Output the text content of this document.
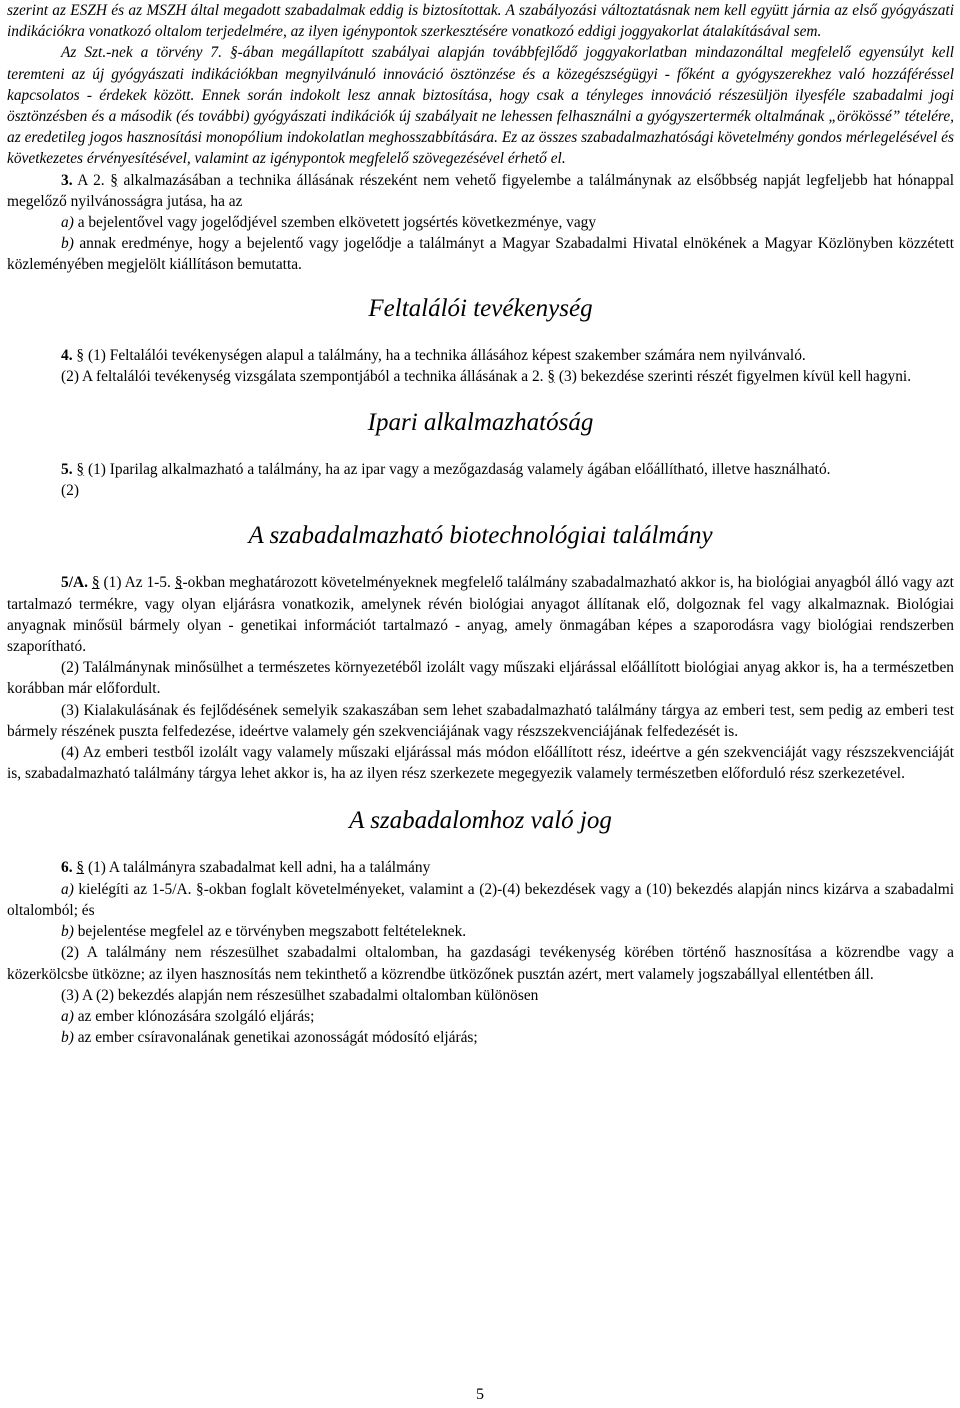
szerint az ESZH és az MSZH által megadott szabadalmak eddig is biztosítottak. A szabályozási változtatásnak nem kell együtt járnia az első gyógyászati indikációkra vonatkozó oltalom terjedelmére, az ilyen igénypontok szerkesztésére vonatkozó eddigi joggyakorlat átalakításával sem.

Az Szt.-nek a törvény 7. §-ában megállapított szabályai alapján továbbfejlődő joggyakorlatban mindazonáltal megfelelő egyensúlyt kell teremteni az új gyógyászati indikációkban megnyilvánuló innováció ösztönzése és a közegészségügyi - főként a gyógyszerekhez való hozzáféréssel kapcsolatos - érdekek között. Ennek során indokolt lesz annak biztosítása, hogy csak a tényleges innováció részesüljön ilyesféle szabadalmi jogi ösztönzésben és a második (és további) gyógyászati indikációk új szabályait ne lehessen felhasználni a gyógyszertermék oltalmának „örökössé” tételére, az eredetileg jogos hasznosítási monopólium indokolatlan meghosszabbítására. Ez az összes szabadalmazhatósági követelmény gondos mérlegelésével és következetes érvényesítésével, valamint az igénypontok megfelelő szövegezésével érhető el.

3. A 2. § alkalmazásában a technika állásának részeként nem vehető figyelembe a találmánynak az elsőbbség napját legfeljebb hat hónappal megelőző nyilvánosságra jutása, ha az

a) a bejelentővel vagy jogelődjével szemben elkövetett jogsértés következménye, vagy

b) annak eredménye, hogy a bejelentő vagy jogelődje a találmányt a Magyar Szabadalmi Hivatal elnökének a Magyar Közlönyben közzétett közleményében megjelölt kiállításon bemutatta.

Feltalálói tevékenység

4. § (1) Feltalálói tevékenységen alapul a találmány, ha a technika állásához képest szakember számára nem nyilvánvaló.

(2) A feltalálói tevékenység vizsgálata szempontjából a technika állásának a 2. § (3) bekezdése szerinti részét figyelmen kívül kell hagyni.

Ipari alkalmazhatóság

5. § (1) Iparilag alkalmazható a találmány, ha az ipar vagy a mezőgazdaság valamely ágában előállítható, illetve használható.

(2)

A szabadalmazható biotechnológiai találmány

5/A. § (1) Az 1-5. §-okban meghatározott követelményeknek megfelelő találmány szabadalmazható akkor is, ha biológiai anyagból álló vagy azt tartalmazó termékre, vagy olyan eljárásra vonatkozik, amelynek révén biológiai anyagot állítanak elő, dolgoznak fel vagy alkalmaznak. Biológiai anyagnak minősül bármely olyan - genetikai információt tartalmazó - anyag, amely önmagában képes a szaporodásra vagy biológiai rendszerben szaporítható.

(2) Találmánynak minősülhet a természetes környezetéből izolált vagy műszaki eljárással előállított biológiai anyag akkor is, ha a természetben korábban már előfordult.

(3) Kialakulásának és fejlődésének semelyik szakaszában sem lehet szabadalmazható találmány tárgya az emberi test, sem pedig az emberi test bármely részének puszta felfedezése, ideértve valamely gén szekvenciájának vagy részszekvenciájának felfedezését is.

(4) Az emberi testből izolált vagy valamely műszaki eljárással más módon előállított rész, ideértve a gén szekvenciáját vagy részszekvenciáját is, szabadalmazható találmány tárgya lehet akkor is, ha az ilyen rész szerkezete megegyezik valamely természetben előforduló rész szerkezetével.

A szabadalomhoz való jog

6. § (1) A találmányra szabadalmat kell adni, ha a találmány

a) kielégíti az 1-5/A. §-okban foglalt követelményeket, valamint a (2)-(4) bekezdések vagy a (10) bekezdés alapján nincs kizárva a szabadalmi oltalomból; és

b) bejelentése megfelel az e törvényben megszabott feltételeknek.

(2) A találmány nem részesülhet szabadalmi oltalomban, ha gazdasági tevékenység körében történő hasznosítása a közrendbe vagy a közerkölcsbe ütközne; az ilyen hasznosítás nem tekinthető a közrendbe ütközőnek pusztán azért, mert valamely jogszabállyal ellentétben áll.

(3) A (2) bekezdés alapján nem részesülhet szabadalmi oltalomban különösen

a) az ember klónozására szolgáló eljárás;

b) az ember csíravonalának genetikai azonosságát módosító eljárás;

5
